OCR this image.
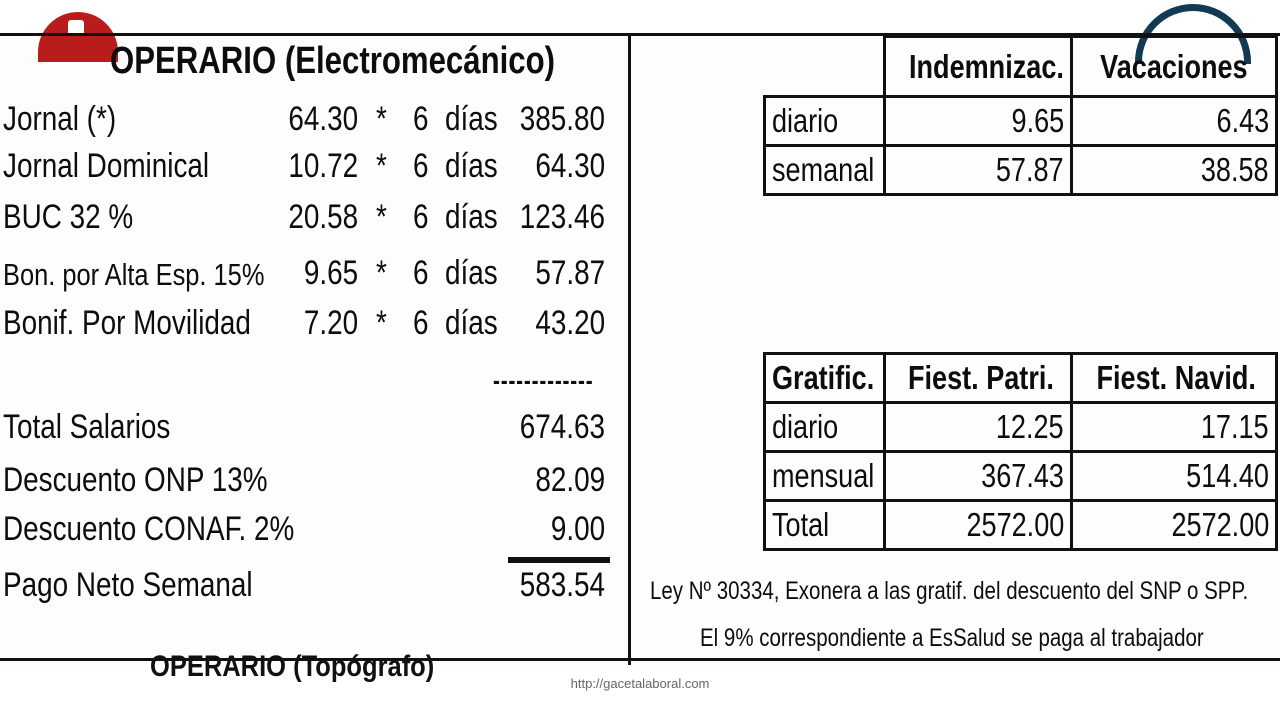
OPERARIO (Electromecánico)
Jornal (*)	64.30 * 6 días 385.80
Jornal Dominical 10.72 * 6 días 64.30
BUC 32 %	20.58 * 6 días 123.46
Bon. por Alta Esp. 15% 9.65 * 6 días 57.87
Bonif. Por Movilidad 7.20 * 6 días 43.20
-------------
Total Salarios	674.63
Descuento ONP 13%	82.09
Descuento CONAF. 2%	9.00
Pago Neto Semanal	583.54
OPERARIO (Topógrafo)
	Indemnizac.	Vacaciones
diario	9.65	6.43
semanal	57.87	38.58
Gratific.	Fiest. Patri.	Fiest. Navid.
diario	12.25	17.15
mensual	367.43	514.40
Total	2572.00	2572.00
Ley Nº 30334, Exonera a las gratif. del descuento del SNP o SPP.
El 9% correspondiente a EsSalud se paga al trabajador
http://gacetalaboral.com
